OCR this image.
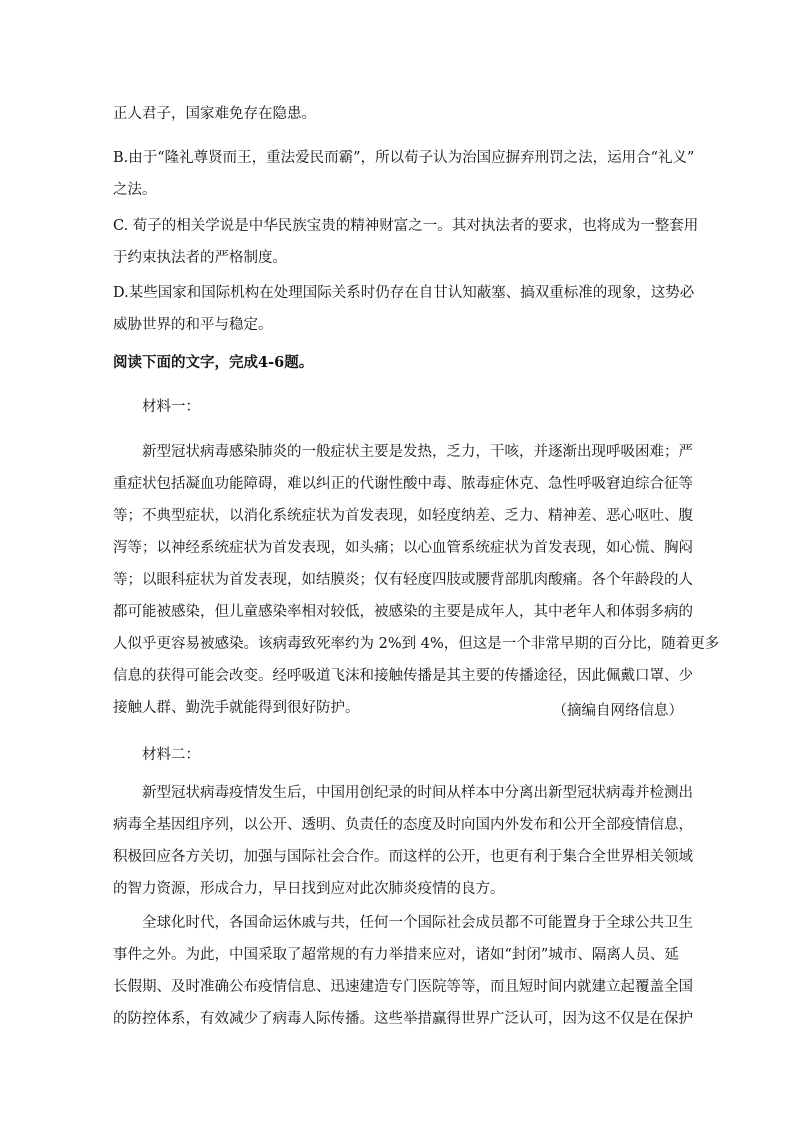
正人君子，国家难免存在隐患。
B.由于“隆礼尊贤而王，重法爱民而霸”，所以荀子认为治国应摒弃刑罚之法，运用合“礼义”
之法。
C. 荀子的相关学说是中华民族宝贵的精神财富之一。其对执法者的要求，也将成为一整套用
于约束执法者的严格制度。
D.某些国家和国际机构在处理国际关系时仍存在自甘认知蔽塞、搞双重标准的现象，这势必
威胁世界的和平与稳定。
阅读下面的文字，完成4-6题。
材料一：
新型冠状病毒感染肺炎的一般症状主要是发热，乏力，干咳，并逐渐出现呼吸困难；严
重症状包括凝血功能障碍，难以纠正的代谢性酸中毒、脓毒症休克、急性呼吸窘迫综合征等
等；不典型症状，以消化系统症状为首发表现，如轻度纳差、乏力、精神差、恶心呕吐、腹
泻等；以神经系统症状为首发表现，如头痛；以心血管系统症状为首发表现，如心慌、胸闷
等；以眼科症状为首发表现，如结膜炎；仅有轻度四肢或腰背部肌肉酸痛。各个年龄段的人
都可能被感染，但儿童感染率相对较低，被感染的主要是成年人，其中老年人和体弱多病的
人似乎更容易被感染。该病毒致死率约为 2%到 4%，但这是一个非常早期的百分比，随着更多
信息的获得可能会改变。经呼吸道飞沫和接触传播是其主要的传播途径，因此佩戴口罩、少
接触人群、勤洗手就能得到很好防护。	（摘编自网络信息）
材料二：
新型冠状病毒疫情发生后，中国用创纪录的时间从样本中分离出新型冠状病毒并检测出
病毒全基因组序列，以公开、透明、负责任的态度及时向国内外发布和公开全部疫情信息，
积极回应各方关切，加强与国际社会合作。而这样的公开，也更有利于集合全世界相关领域
的智力资源，形成合力，早日找到应对此次肺炎疫情的良方。
全球化时代，各国命运休戚与共，任何一个国际社会成员都不可能置身于全球公共卫生
事件之外。为此，中国采取了超常规的有力举措来应对，诸如“封闭”城市、隔离人员、延
长假期、及时准确公布疫情信息、迅速建造专门医院等等，而且短时间内就建立起覆盖全国
的防控体系，有效减少了病毒人际传播。这些举措赢得世界广泛认可，因为这不仅是在保护
